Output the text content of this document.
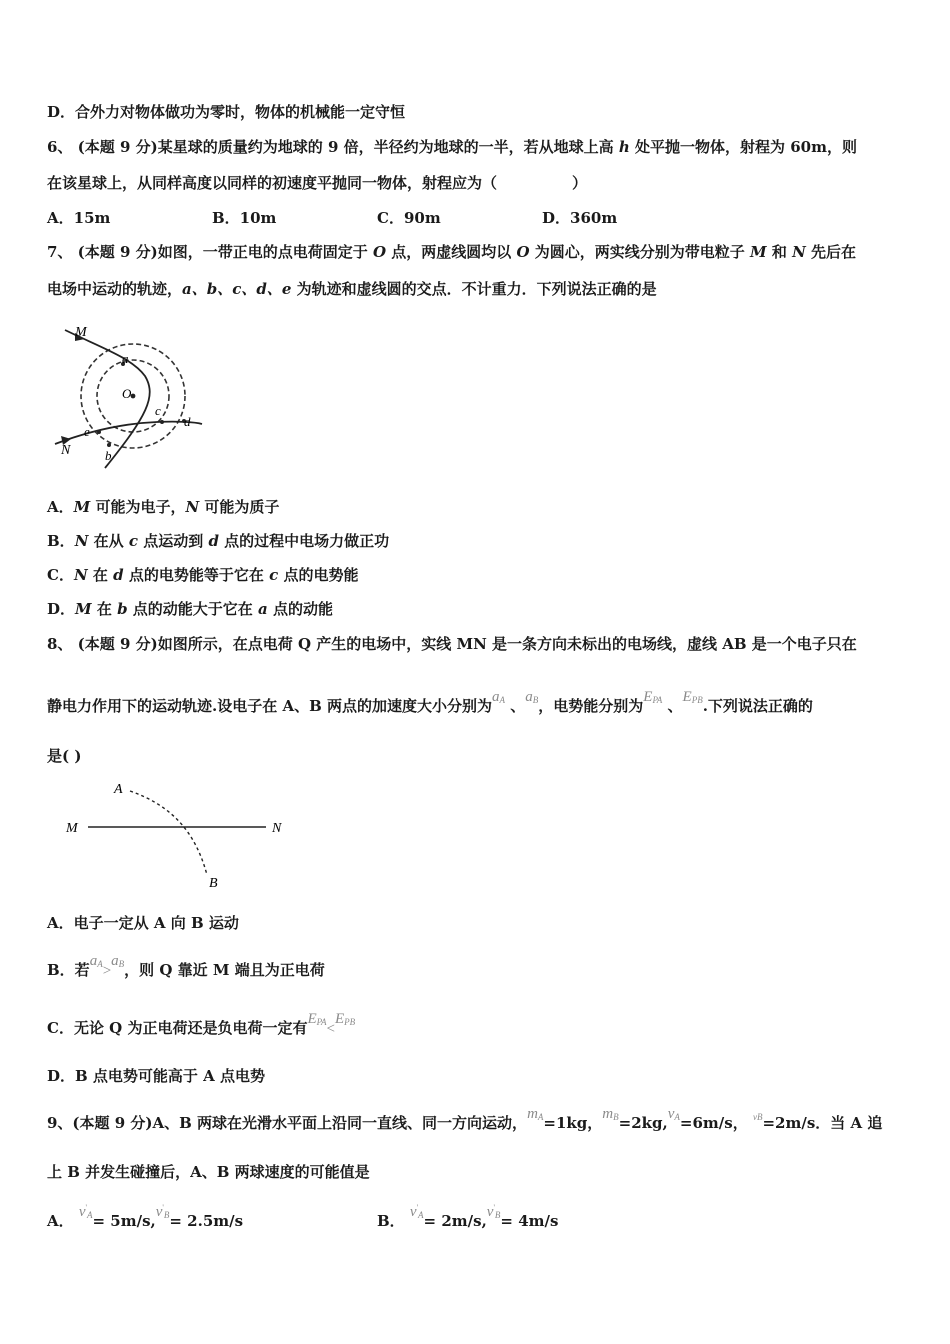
D．合外力对物体做功为零时，物体的机械能一定守恒
6、 (本题 9 分)某星球的质量约为地球的 9 倍，半径约为地球的一半，若从地球上高 h 处平抛一物体，射程为 60m，则
在该星球上，从同样高度以同样的初速度平抛同一物体，射程应为（　　　　　）
A．15m	B．10m	C．90m	D．360m
7、 (本题 9 分)如图，一带正电的点电荷固定于 O 点，两虚线圆均以 O 为圆心，两实线分别为带电粒子 M 和 N 先后在
电场中运动的轨迹，a、b、c、d、e 为轨迹和虚线圆的交点．不计重力．下列说法正确的是
M
a
O
c
d
e
N	b
A．M 可能为电子，N 可能为质子
B．N 在从 c 点运动到 d 点的过程中电场力做正功
C．N 在 d 点的电势能等于它在 c 点的电势能
D．M 在 b 点的动能大于它在 a 点的动能
8、 (本题 9 分)如图所示，在点电荷 Q 产生的电场中，实线 MN 是一条方向未标出的电场线，虚线 AB 是一个电子只在
静电力作用下的运动轨迹.设电子在 A、B 两点的加速度大小分别为$a_A$ 、$a_B$，电势能分别为$E_{PA}$ 、$E_{PB}$.下列说法正确的
是( )
A
M	N
B
A．电子一定从 A 向 B 运动
B．若$a_A>a_B$，则 Q 靠近 M 端且为正电荷
C．无论 Q 为正电荷还是负电荷一定有$E_{PA}<E_{PB}$
D．B 点电势可能高于 A 点电势
9、(本题 9 分)A、B 两球在光滑水平面上沿同一直线、同一方向运动，$m_A=1kg$，$m_B=2kg,v_A=6m/s$， $_{vB}$=2m/s．当 A 追
上 B 并发生碰撞后，A、B 两球速度的可能值是
A． $v'_A= 5m/s,v'_B= 2.5m/s$	B． $v'_A= 2m/s,v'_B= 4m/s$
